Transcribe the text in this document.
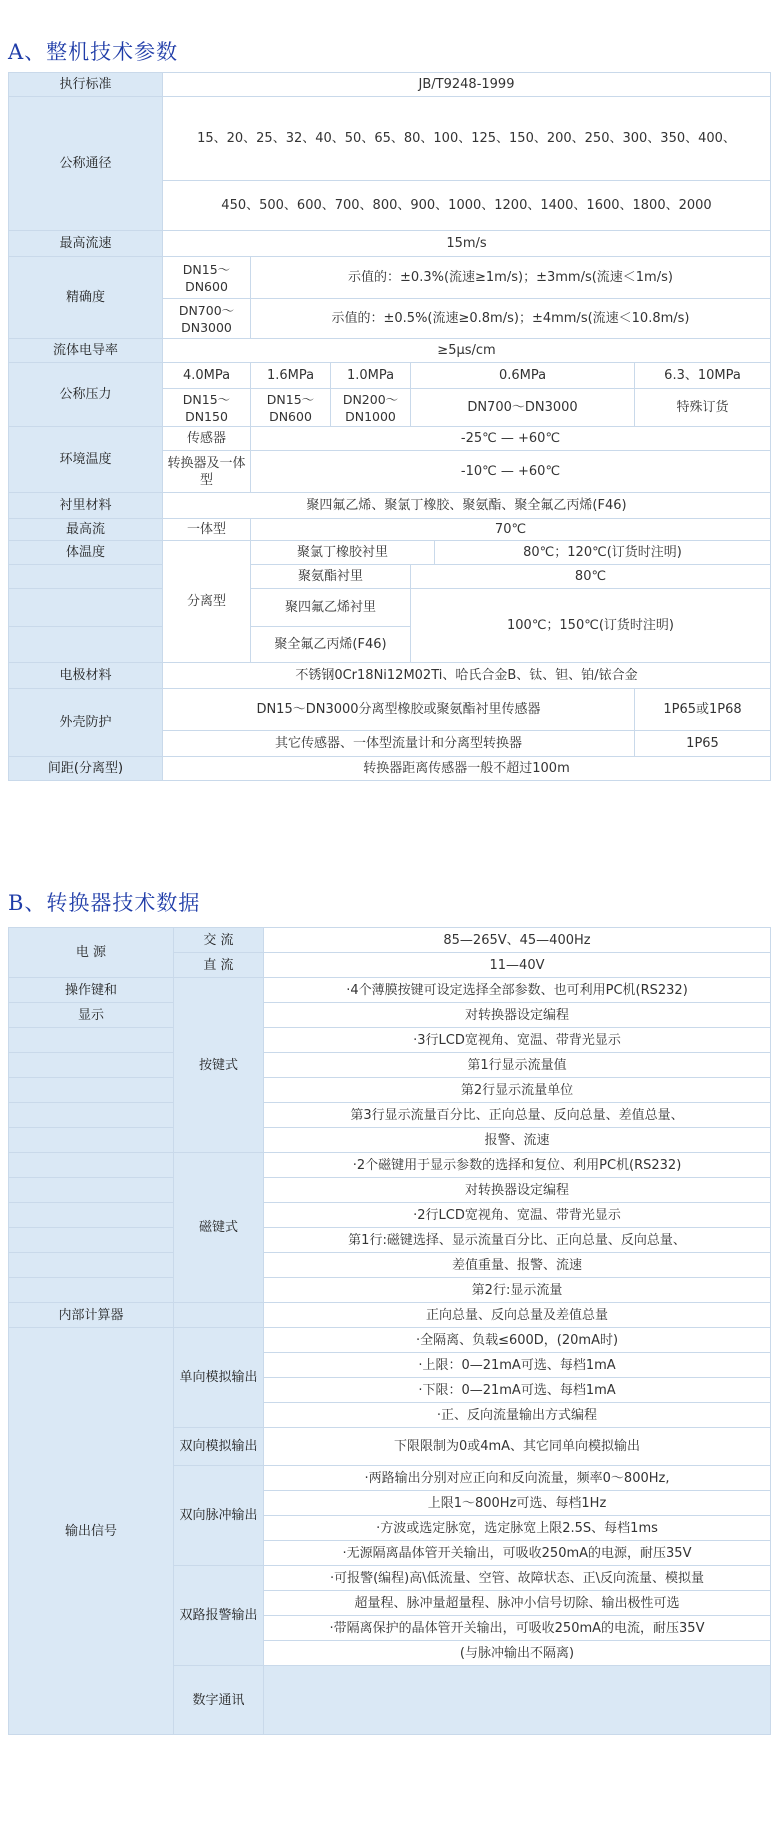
A、整机技术参数
执行标准	JB/T9248-1999					
公称通径	15、20、25、32、40、50、65、80、100、125、150、200、250、300、350、400、					
	450、500、600、700、800、900、1000、1200、1400、1600、1800、2000					
最高流速	15m/s					
精确度	DN15～DN600	示值的：±0.3%(流速≥1m/s)；±3mm/s(流速＜1m/s)				
	DN700～DN3000	示值的：±0.5%(流速≥0.8m/s)；±4mm/s(流速＜10.8m/s)				
流体电导率	≥5μs/cm					
公称压力	4.0MPa	1.6MPa	1.0MPa	0.6MPa		6.3、10MPa
	DN15～DN150	DN15～DN600	DN200～DN1000	DN700～DN3000		特殊订货
环境温度	传感器	-25℃ — +60℃				
	转换器及一体型	-10℃ — +60℃				
衬里材料	聚四氟乙烯、聚氯丁橡胶、聚氨酯、聚全氟乙丙烯(F46)					
最高流	一体型	70℃				
体温度	分离型	聚氯丁橡胶衬里			80℃；120℃(订货时注明)	
		聚氨酯衬里		80℃		
		聚四氟乙烯衬里		100℃；150℃(订货时注明)		
		聚全氟乙丙烯(F46)				
电极材料	不锈钢0Cr18Ni12M02Ti、哈氏合金B、钛、钽、铂/铱合金					
外壳防护	DN15～DN3000分离型橡胶或聚氨酯衬里传感器					1P65或1P68
	其它传感器、一体型流量计和分离型转换器					1P65
间距(分离型)	转换器距离传感器一般不超过100m					
B、转换器技术数据
电 源	交 流	85—265V、45—400Hz	
	直 流	11—40V	
操作键和	按键式	·4个薄膜按键可设定选择全部参数、也可利用PC机(RS232)	
显示		对转换器设定编程	
		·3行LCD宽视角、宽温、带背光显示	
		第1行显示流量值	
		第2行显示流量单位	
		第3行显示流量百分比、正向总量、反向总量、差值总量、	
		报警、流速	
	磁键式	·2个磁键用于显示参数的选择和复位、利用PC机(RS232)	
		对转换器设定编程	
		·2行LCD宽视角、宽温、带背光显示	
		第1行:磁键选择、显示流量百分比、正向总量、反向总量、	
		差值重量、报警、流速	
		第2行:显示流量	
内部计算器		正向总量、反向总量及差值总量	
输出信号	单向模拟输出	·全隔离、负载≤600D，(20mA时)	
		·上限：0—21mA可选、每档1mA	
		·下限：0—21mA可选、每档1mA	
		·正、反向流量输出方式编程	
	双向模拟输出	下限限制为0或4mA、其它同单向模拟输出	
	双向脉冲输出	·两路输出分别对应正向和反向流量，频率0～800Hz,	
		上限1～800Hz可选、每档1Hz	
		·方波或选定脉宽，选定脉宽上限2.5S、每档1ms	
		·无源隔离晶体管开关输出，可吸收250mA的电源，耐压35V	
	双路报警输出	·可报警(编程)高\低流量、空管、故障状态、正\反向流量、模拟量	
		超量程、脉冲量超量程、脉冲小信号切除、输出极性可选	
		·带隔离保护的晶体管开关输出，可吸收250mA的电流，耐压35V	
		(与脉冲输出不隔离)	
	数字通讯		
